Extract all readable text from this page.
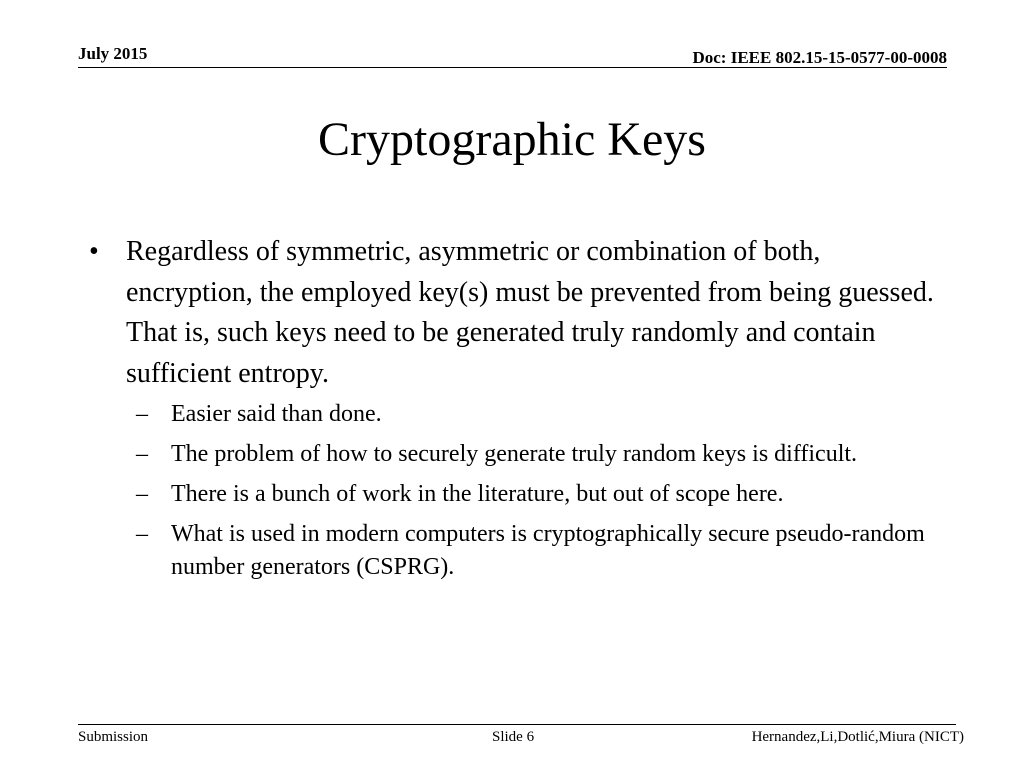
July 2015	Doc: IEEE 802.15-15-0577-00-0008
Cryptographic Keys
• Regardless of symmetric, asymmetric or combination of both, encryption, the employed key(s) must be prevented from being guessed. That is, such keys need to be generated truly randomly and contain sufficient entropy.
– Easier said than done.
– The problem of how to securely generate truly random keys is difficult.
– There is a bunch of work in the literature, but out of scope here.
– What is used in modern computers is cryptographically secure pseudo-random number generators (CSPRG).
Submission	Slide 6	Hernandez,Li,Dotlić,Miura (NICT)
